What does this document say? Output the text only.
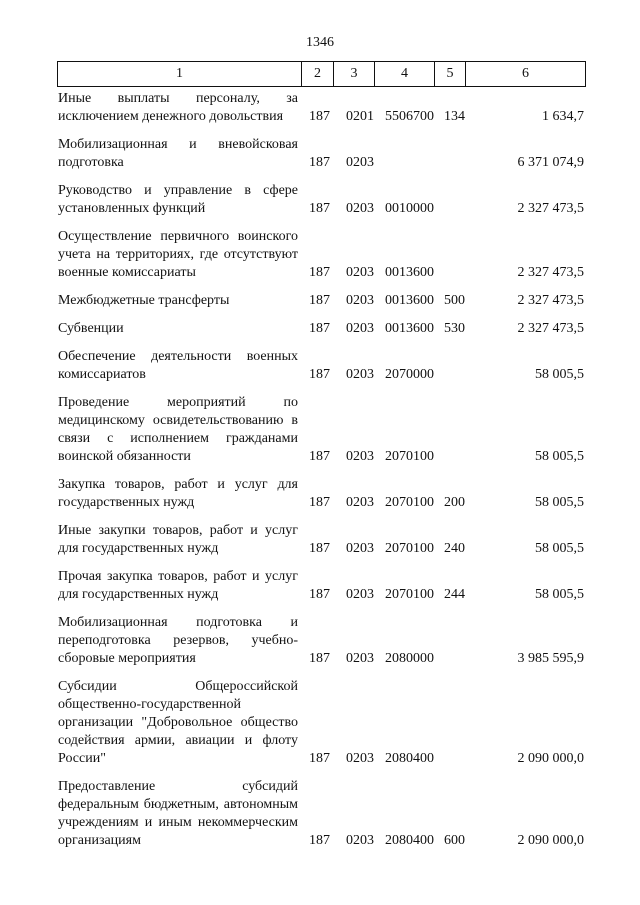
1346
1	2	3	4	5	6
Иные выплаты персоналу, за исключением денежного довольствия	187 0201 5506700 134	1 634,7
Мобилизационная и вневойсковая подготовка	187 0203	6 371 074,9
Руководство и управление в сфере установленных функций	187 0203 0010000	2 327 473,5
Осуществление первичного воинского учета на территориях, где отсутствуют военные комиссариаты	187 0203 0013600	2 327 473,5
Межбюджетные трансферты	187 0203 0013600 500	2 327 473,5
Субвенции	187 0203 0013600 530	2 327 473,5
Обеспечение деятельности военных комиссариатов	187 0203 2070000	58 005,5
Проведение мероприятий по медицинскому освидетельствованию в связи с исполнением гражданами воинской обязанности	187 0203 2070100	58 005,5
Закупка товаров, работ и услуг для государственных нужд	187 0203 2070100 200	58 005,5
Иные закупки товаров, работ и услуг для государственных нужд	187 0203 2070100 240	58 005,5
Прочая закупка товаров, работ и услуг для государственных нужд	187 0203 2070100 244	58 005,5
Мобилизационная подготовка и переподготовка резервов, учебно-сборовые мероприятия	187 0203 2080000	3 985 595,9
Субсидии Общероссийской общественно-государственной организации "Добровольное общество содействия армии, авиации и флоту России"	187 0203 2080400	2 090 000,0
Предоставление субсидий федеральным бюджетным, автономным учреждениям и иным некоммерческим организациям	187 0203 2080400 600	2 090 000,0
